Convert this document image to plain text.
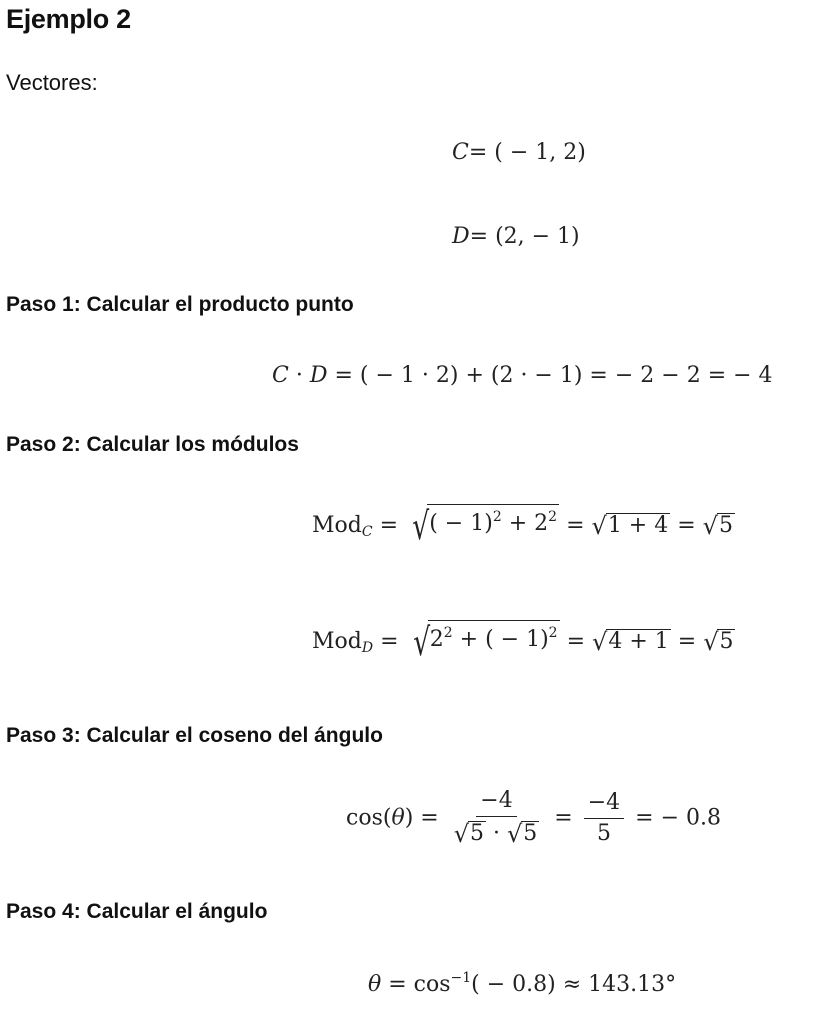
Ejemplo 2
Vectores:
C= ( − 1, 2)
D= (2, − 1)
Paso 1: Calcular el producto punto
C · D = ( − 1 · 2) + (2 · − 1) = − 2 − 2 = − 4
Paso 2: Calcular los módulos
Mod$_C$ = √ ( − $1)^2 + 2^2$ = √ 1 + 4 = √ 5
Mod$_D$ = √ $2^2$ + ( − 1)$^2$ = √ 4 + 1 = √ 5
Paso 3: Calcular el coseno del ángulo
$\cos(\theta) = \frac{-4}{√ 5 \cdot √ 5} = \frac{-4}{5}$ = − 0.8
Paso 4: Calcular el ángulo
$\theta = \cos^{-1}( - 0.8) \approx 143.13^\circ$
